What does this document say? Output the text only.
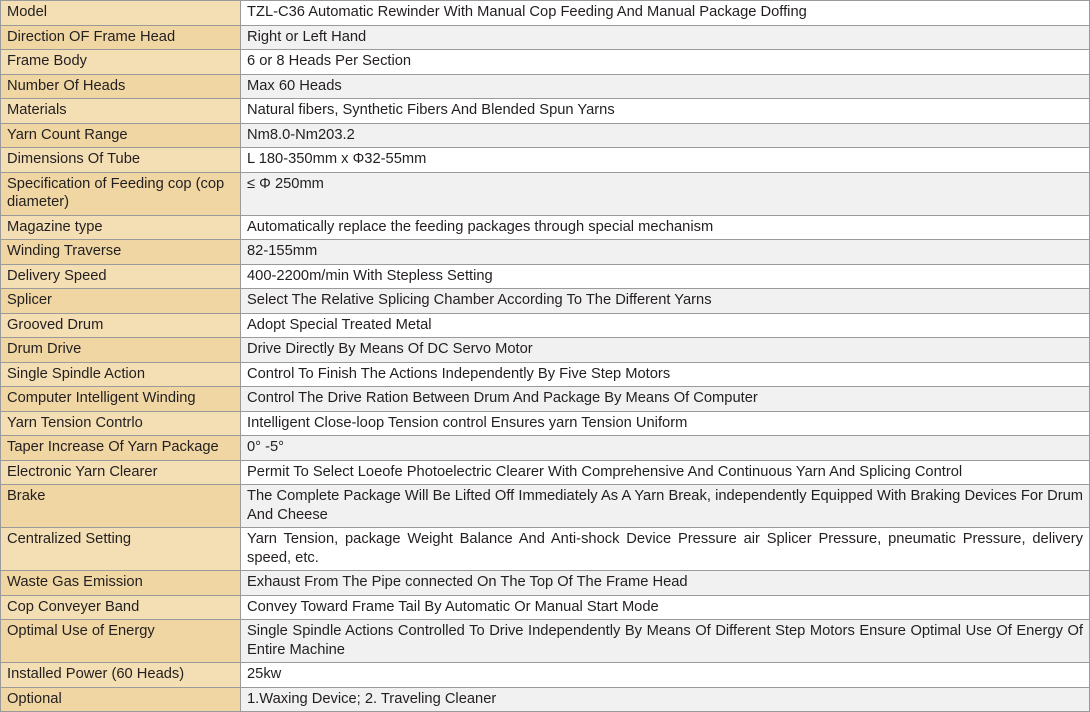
Model	TZL-C36 Automatic Rewinder With Manual Cop Feeding And Manual Package Doffing
Direction OF Frame Head	Right or Left Hand
Frame Body	6 or 8 Heads Per Section
Number Of Heads	Max 60 Heads
Materials	Natural fibers, Synthetic Fibers And Blended Spun Yarns
Yarn Count Range	Nm8.0-Nm203.2
Dimensions Of Tube	L 180-350mm x Φ32-55mm
Specification of Feeding cop (cop diameter)	≤ Φ 250mm
Magazine type	Automatically replace the feeding packages through special mechanism
Winding Traverse	82-155mm
Delivery Speed	400-2200m/min With Stepless Setting
Splicer	Select The Relative Splicing Chamber According To The Different Yarns
Grooved Drum	Adopt Special Treated Metal
Drum Drive	Drive Directly By Means Of DC Servo Motor
Single Spindle Action	Control To Finish The Actions Independently By Five Step Motors
Computer Intelligent Winding	Control The Drive Ration Between Drum And Package By Means Of Computer
Yarn Tension Contrlo	Intelligent Close-loop Tension control Ensures yarn Tension Uniform
Taper Increase Of Yarn Package	0° -5°
Electronic Yarn Clearer	Permit To Select Loeofe Photoelectric Clearer With Comprehensive And Continuous Yarn And Splicing Control
Brake	The Complete Package Will Be Lifted Off Immediately As A Yarn Break, independently Equipped With Braking Devices For Drum And Cheese
Centralized Setting	Yarn Tension, package Weight Balance And Anti-shock Device Pressure air Splicer Pressure, pneumatic Pressure, delivery speed, etc.
Waste Gas Emission	Exhaust From The Pipe connected On The Top Of The Frame Head
Cop Conveyer Band	Convey Toward Frame Tail By Automatic Or Manual Start Mode
Optimal Use of Energy	Single Spindle Actions Controlled To Drive Independently By Means Of Different Step Motors Ensure Optimal Use Of Energy Of Entire Machine
Installed Power (60 Heads)	25kw
Optional	1.Waxing Device; 2. Traveling Cleaner
